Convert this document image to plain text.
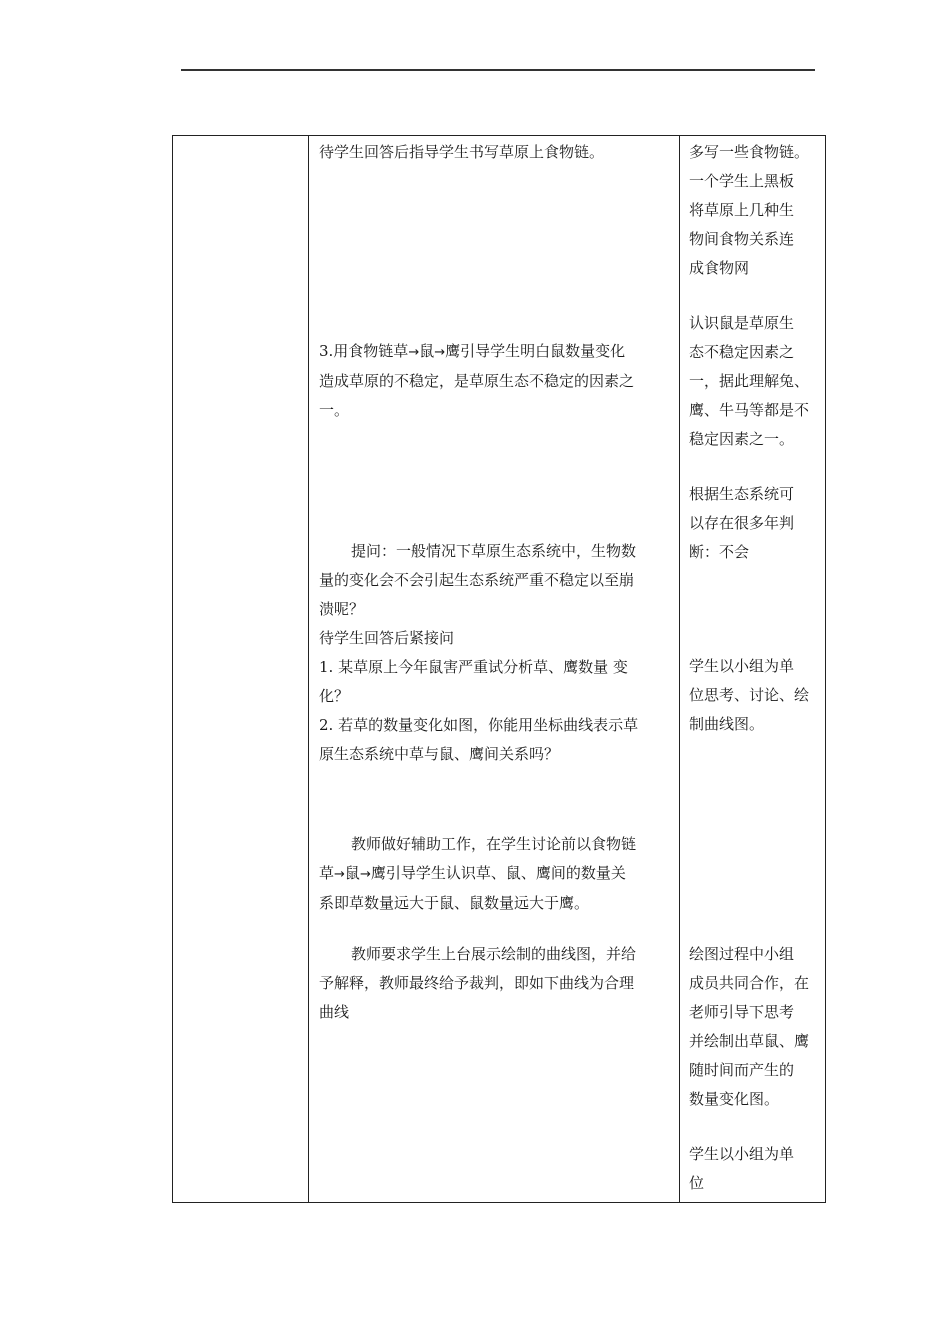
待学生回答后指导学生书写草原上食物链。
3.用食物链草→鼠→鹰引导学生明白鼠数量变化
造成草原的不稳定，是草原生态不稳定的因素之
一。
提问：一般情况下草原生态系统中，生物数
量的变化会不会引起生态系统严重不稳定以至崩
溃呢？
待学生回答后紧接问
1. 某草原上今年鼠害严重试分析草、鹰数量 变
化？
2. 若草的数量变化如图，你能用坐标曲线表示草
原生态系统中草与鼠、鹰间关系吗？
教师做好辅助工作，在学生讨论前以食物链
草→鼠→鹰引导学生认识草、鼠、鹰间的数量关
系即草数量远大于鼠、鼠数量远大于鹰。
教师要求学生上台展示绘制的曲线图，并给
予解释，教师最终给予裁判，即如下曲线为合理
曲线
多写一些食物链。
一个学生上黑板
将草原上几种生
物间食物关系连
成食物网
认识鼠是草原生
态不稳定因素之
一，据此理解兔、
鹰、牛马等都是不
稳定因素之一。
根据生态系统可
以存在很多年判
断：不会
学生以小组为单
位思考、讨论、绘
制曲线图。
绘图过程中小组
成员共同合作，在
老师引导下思考
并绘制出草鼠、鹰
随时间而产生的
数量变化图。
学生以小组为单
位
